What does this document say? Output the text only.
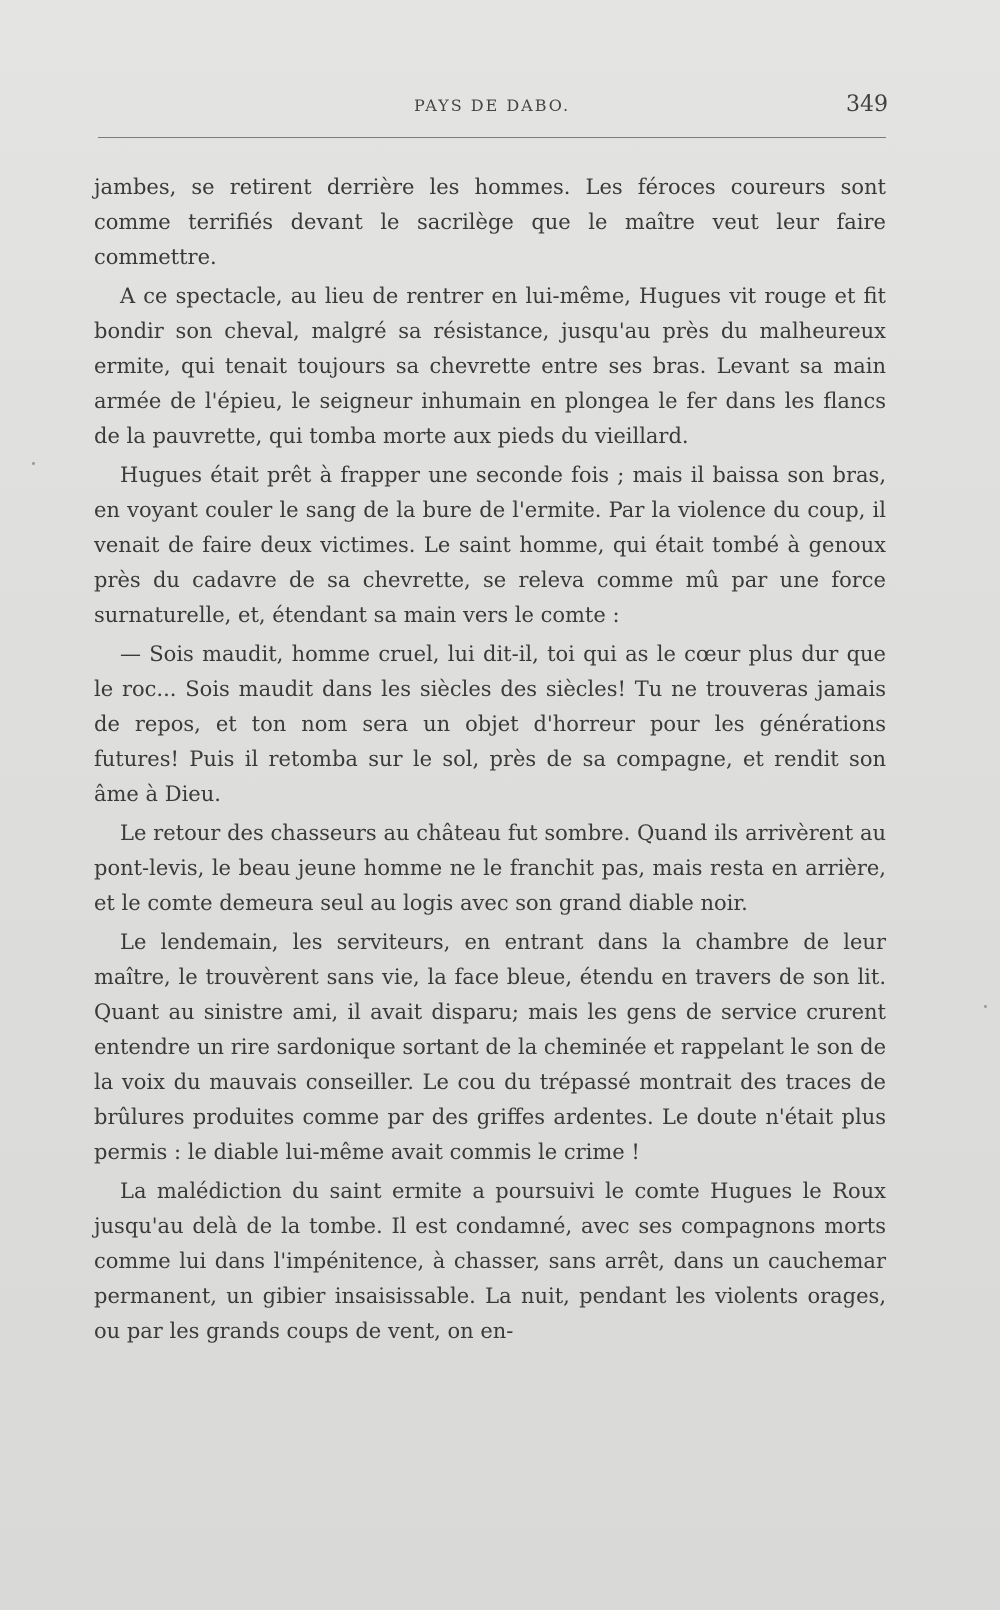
PAYS DE DABO.	349

jambes, se retirent derrière les hommes. Les féroces coureurs sont comme terrifiés devant le sacrilège que le maître veut leur faire commettre.

A ce spectacle, au lieu de rentrer en lui-même, Hugues vit rouge et fit bondir son cheval, malgré sa résistance, jusqu'au près du malheureux ermite, qui tenait toujours sa chevrette entre ses bras. Levant sa main armée de l'épieu, le seigneur inhumain en plongea le fer dans les flancs de la pauvrette, qui tomba morte aux pieds du vieillard.

Hugues était prêt à frapper une seconde fois ; mais il baissa son bras, en voyant couler le sang de la bure de l'ermite. Par la violence du coup, il venait de faire deux victimes. Le saint homme, qui était tombé à genoux près du cadavre de sa chevrette, se releva comme mû par une force surnaturelle, et, étendant sa main vers le comte :

— Sois maudit, homme cruel, lui dit-il, toi qui as le cœur plus dur que le roc... Sois maudit dans les siècles des siècles! Tu ne trouveras jamais de repos, et ton nom sera un objet d'horreur pour les générations futures! Puis il retomba sur le sol, près de sa compagne, et rendit son âme à Dieu.

Le retour des chasseurs au château fut sombre. Quand ils arrivèrent au pont-levis, le beau jeune homme ne le franchit pas, mais resta en arrière, et le comte demeura seul au logis avec son grand diable noir.

Le lendemain, les serviteurs, en entrant dans la chambre de leur maître, le trouvèrent sans vie, la face bleue, étendu en travers de son lit. Quant au sinistre ami, il avait disparu; mais les gens de service crurent entendre un rire sardonique sortant de la cheminée et rappelant le son de la voix du mauvais conseiller. Le cou du trépassé montrait des traces de brûlures produites comme par des griffes ardentes. Le doute n'était plus permis : le diable lui-même avait commis le crime !

La malédiction du saint ermite a poursuivi le comte Hugues le Roux jusqu'au delà de la tombe. Il est condamné, avec ses compagnons morts comme lui dans l'impénitence, à chasser, sans arrêt, dans un cauchemar permanent, un gibier insaisissable. La nuit, pendant les violents orages, ou par les grands coups de vent, on en-
